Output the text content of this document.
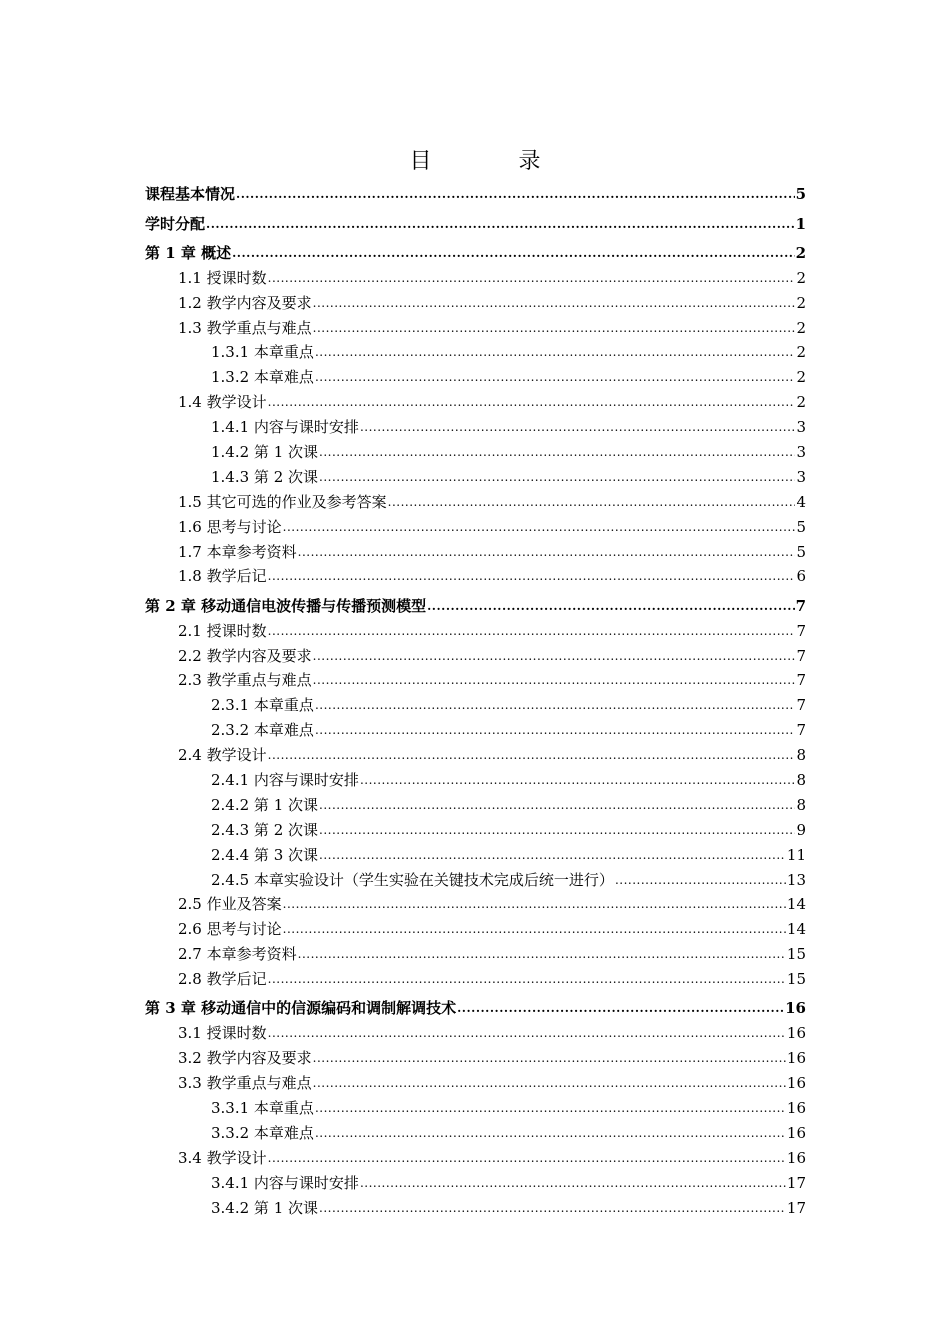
目 录
课程基本情况 .....	5
学时分配 .....	1
第 1 章 概述 .....	2
1.1 授课时数 .....	2
1.2 教学内容及要求 .....	2
1.3 教学重点与难点 .....	2
1.3.1 本章重点 .....	2
1.3.2 本章难点 .....	2
1.4 教学设计 .....	2
1.4.1 内容与课时安排 .....	3
1.4.2 第 1 次课 .....	3
1.4.3 第 2 次课 .....	3
1.5 其它可选的作业及参考答案 .....	4
1.6 思考与讨论 .....	5
1.7 本章参考资料 .....	5
1.8 教学后记 .....	6
第 2 章 移动通信电波传播与传播预测模型 .....	7
2.1 授课时数 .....	7
2.2 教学内容及要求 .....	7
2.3 教学重点与难点 .....	7
2.3.1 本章重点 .....	7
2.3.2 本章难点 .....	7
2.4 教学设计 .....	8
2.4.1 内容与课时安排 .....	8
2.4.2 第 1 次课 .....	8
2.4.3 第 2 次课 .....	9
2.4.4 第 3 次课 .....	11
2.4.5 本章实验设计（学生实验在关键技术完成后统一进行） .....	13
2.5 作业及答案 .....	14
2.6 思考与讨论 .....	14
2.7 本章参考资料 .....	15
2.8 教学后记 .....	15
第 3 章 移动通信中的信源编码和调制解调技术 .....	16
3.1 授课时数 .....	16
3.2 教学内容及要求 .....	16
3.3 教学重点与难点 .....	16
3.3.1 本章重点 .....	16
3.3.2 本章难点 .....	16
3.4 教学设计 .....	16
3.4.1 内容与课时安排 .....	17
3.4.2 第 1 次课 .....	17
